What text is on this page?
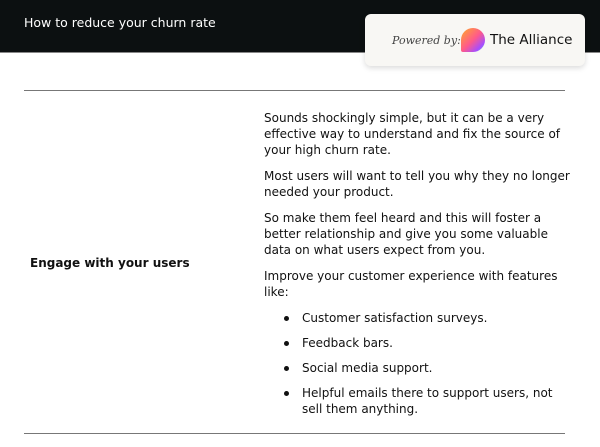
How to reduce your churn rate
Powered by: The Alliance
Engage with your users

Sounds shockingly simple, but it can be a very effective way to understand and fix the source of your high churn rate.

Most users will want to tell you why they no longer needed your product.

So make them feel heard and this will foster a better relationship and give you some valuable data on what users expect from you.

Improve your customer experience with features like:

Customer satisfaction surveys.
Feedback bars.
Social media support.
Helpful emails there to support users, not sell them anything.
